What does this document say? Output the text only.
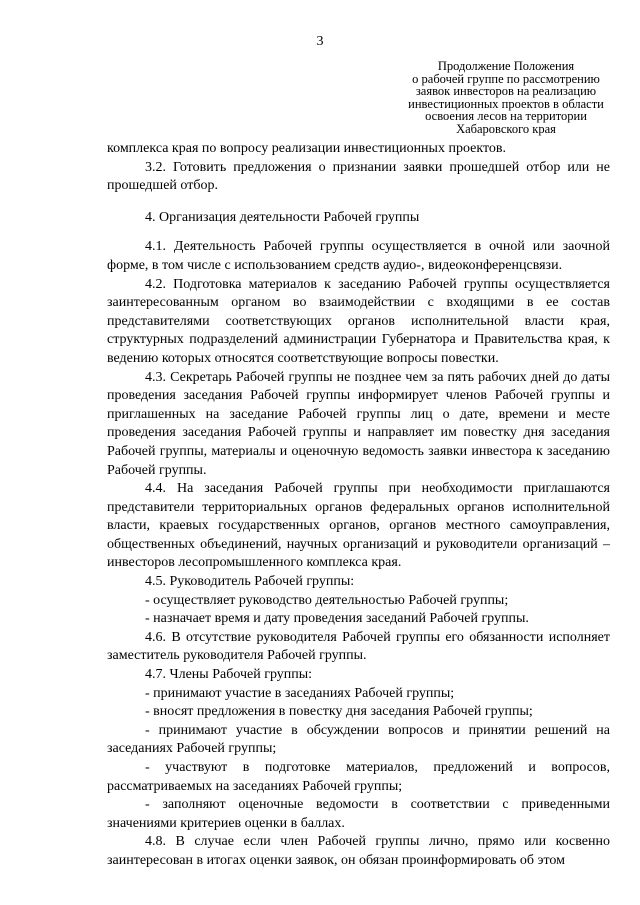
3
Продолжение Положения
о рабочей группе по рассмотрению
заявок инвесторов на реализацию
инвестиционных проектов в области
освоения лесов на территории
Хабаровского края

комплекса края по вопросу реализации инвестиционных проектов.

3.2. Готовить предложения о признании заявки прошедшей отбор или не прошедшей отбор.

4. Организация деятельности Рабочей группы

4.1. Деятельность Рабочей группы осуществляется в очной или заочной форме, в том числе с использованием средств аудио-, видеоконференцсвязи.

4.2. Подготовка материалов к заседанию Рабочей группы осуществляется заинтересованным органом во взаимодействии с входящими в ее состав представителями соответствующих органов исполнительной власти края, структурных подразделений администрации Губернатора и Правительства края, к ведению которых относятся соответствующие вопросы повестки.

4.3. Секретарь Рабочей группы не позднее чем за пять рабочих дней до даты проведения заседания Рабочей группы информирует членов Рабочей группы и приглашенных на заседание Рабочей группы лиц о дате, времени и месте проведения заседания Рабочей группы и направляет им повестку дня заседания Рабочей группы, материалы и оценочную ведомость заявки инвестора к заседанию Рабочей группы.

4.4. На заседания Рабочей группы при необходимости приглашаются представители территориальных органов федеральных органов исполнительной власти, краевых государственных органов, органов местного самоуправления, общественных объединений, научных организаций и руководители организаций – инвесторов лесопромышленного комплекса края.

4.5. Руководитель Рабочей группы:

- осуществляет руководство деятельностью Рабочей группы;

- назначает время и дату проведения заседаний Рабочей группы.

4.6. В отсутствие руководителя Рабочей группы его обязанности исполняет заместитель руководителя Рабочей группы.

4.7. Члены Рабочей группы:

- принимают участие в заседаниях Рабочей группы;

- вносят предложения в повестку дня заседания Рабочей группы;

- принимают участие в обсуждении вопросов и принятии решений на заседаниях Рабочей группы;

- участвуют в подготовке материалов, предложений и вопросов, рассматриваемых на заседаниях Рабочей группы;

- заполняют оценочные ведомости в соответствии с приведенными значениями критериев оценки в баллах.

4.8. В случае если член Рабочей группы лично, прямо или косвенно заинтересован в итогах оценки заявок, он обязан проинформировать об этом
